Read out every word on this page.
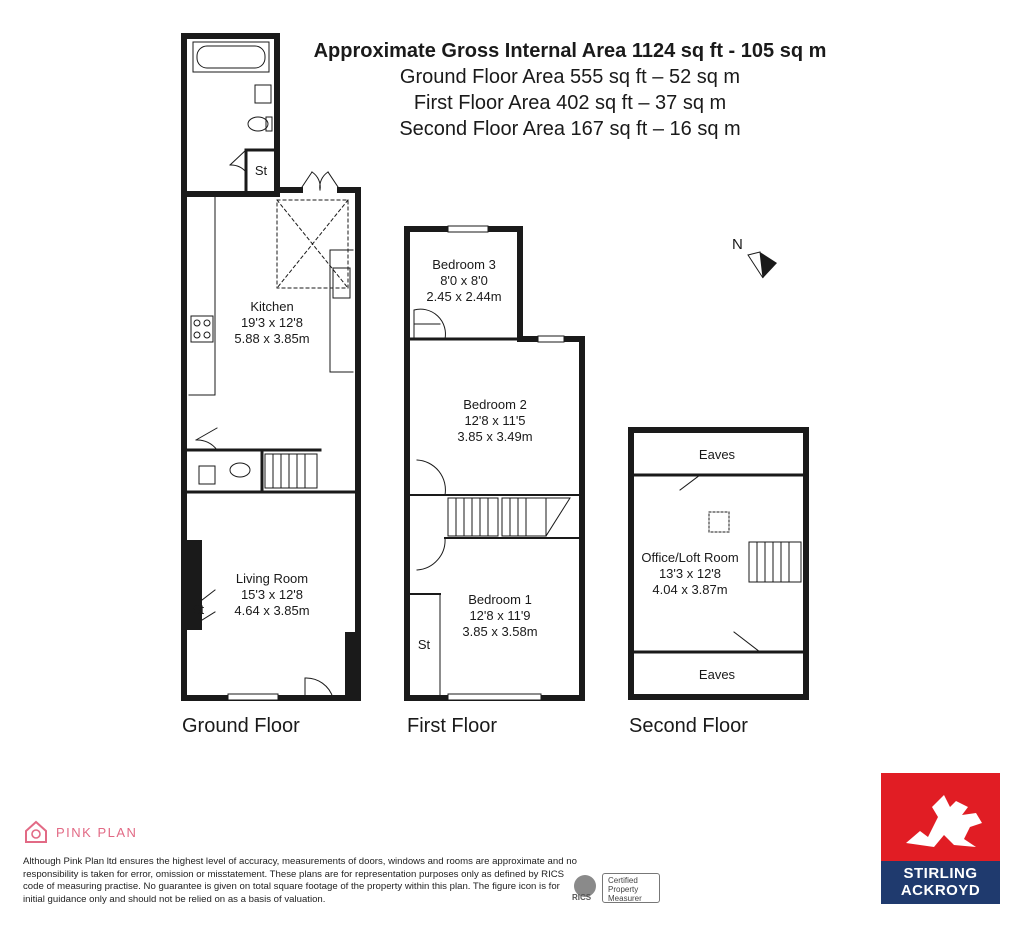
Approximate Gross Internal Area 1124 sq ft - 105 sq m
Ground Floor Area 555 sq ft – 52 sq m
First Floor Area 402 sq ft – 37 sq m
Second Floor Area 167 sq ft – 16 sq m
N
St
Kitchen
19'3 x 12'8
5.88 x 3.85m
Living Room
15'3 x 12'8
4.64 x 3.85m
St
Bedroom 3
8'0 x 8'0
2.45 x 2.44m
Bedroom 2
12'8 x 11'5
3.85 x 3.49m
Bedroom 1
12'8 x 11'9
3.85 x 3.58m
St
Eaves
Office/Loft Room
13'3 x 12'8
4.04 x 3.87m
Eaves
Ground Floor	First Floor	Second Floor
PINK PLAN
Although Pink Plan ltd ensures the highest level of accuracy, measurements of doors, windows and rooms are approximate and no responsibility is taken for error, omission or misstatement. These plans are for representation purposes only as defined by RICS code of measuring practise. No guarantee is given on total square footage of the property within this plan. The figure icon is for initial guidance only and should not be relied on as a basis of valuation.	RICS
Certified
Property
Measurer
STIRLING
ACKROYD
